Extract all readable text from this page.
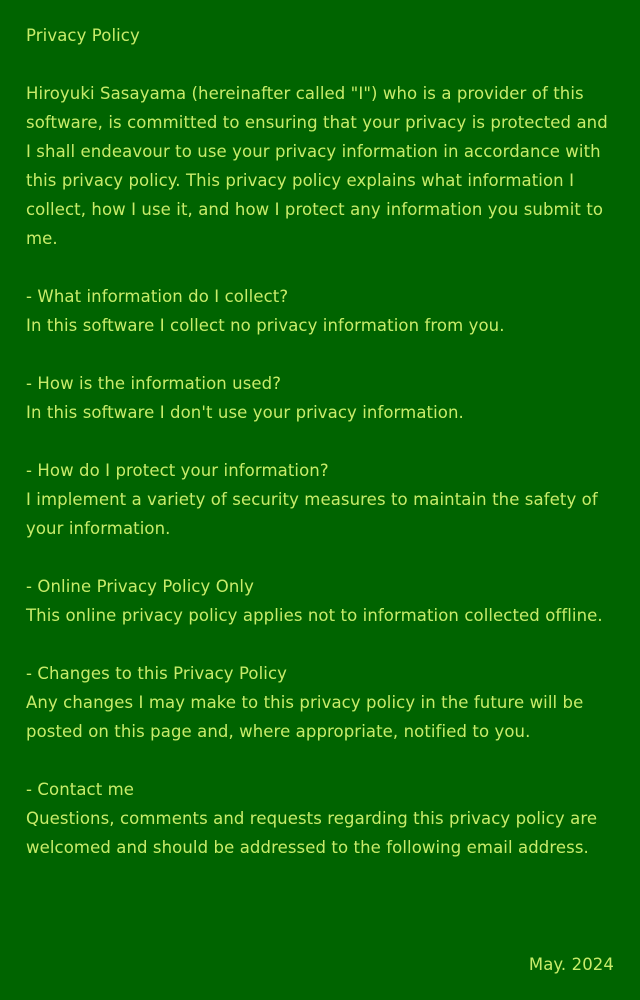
Privacy Policy

Hiroyuki Sasayama (hereinafter called "I") who is a provider of this software, is committed to ensuring that your privacy is protected and I shall endeavour to use your privacy information in accordance with this privacy policy. This privacy policy explains what information I collect, how I use it, and how I protect any information you submit to me.

- What information do I collect?

In this software I collect no privacy information from you.

- How is the information used?

In this software I don't use your privacy information.

- How do I protect your information?

I implement a variety of security measures to maintain the safety of your information.

- Online Privacy Policy Only

This online privacy policy applies not to information collected offline.

- Changes to this Privacy Policy

Any changes I may make to this privacy policy in the future will be posted on this page and, where appropriate, notified to you.

- Contact me

Questions, comments and requests regarding this privacy policy are welcomed and should be addressed to the following email address.

May. 2024
